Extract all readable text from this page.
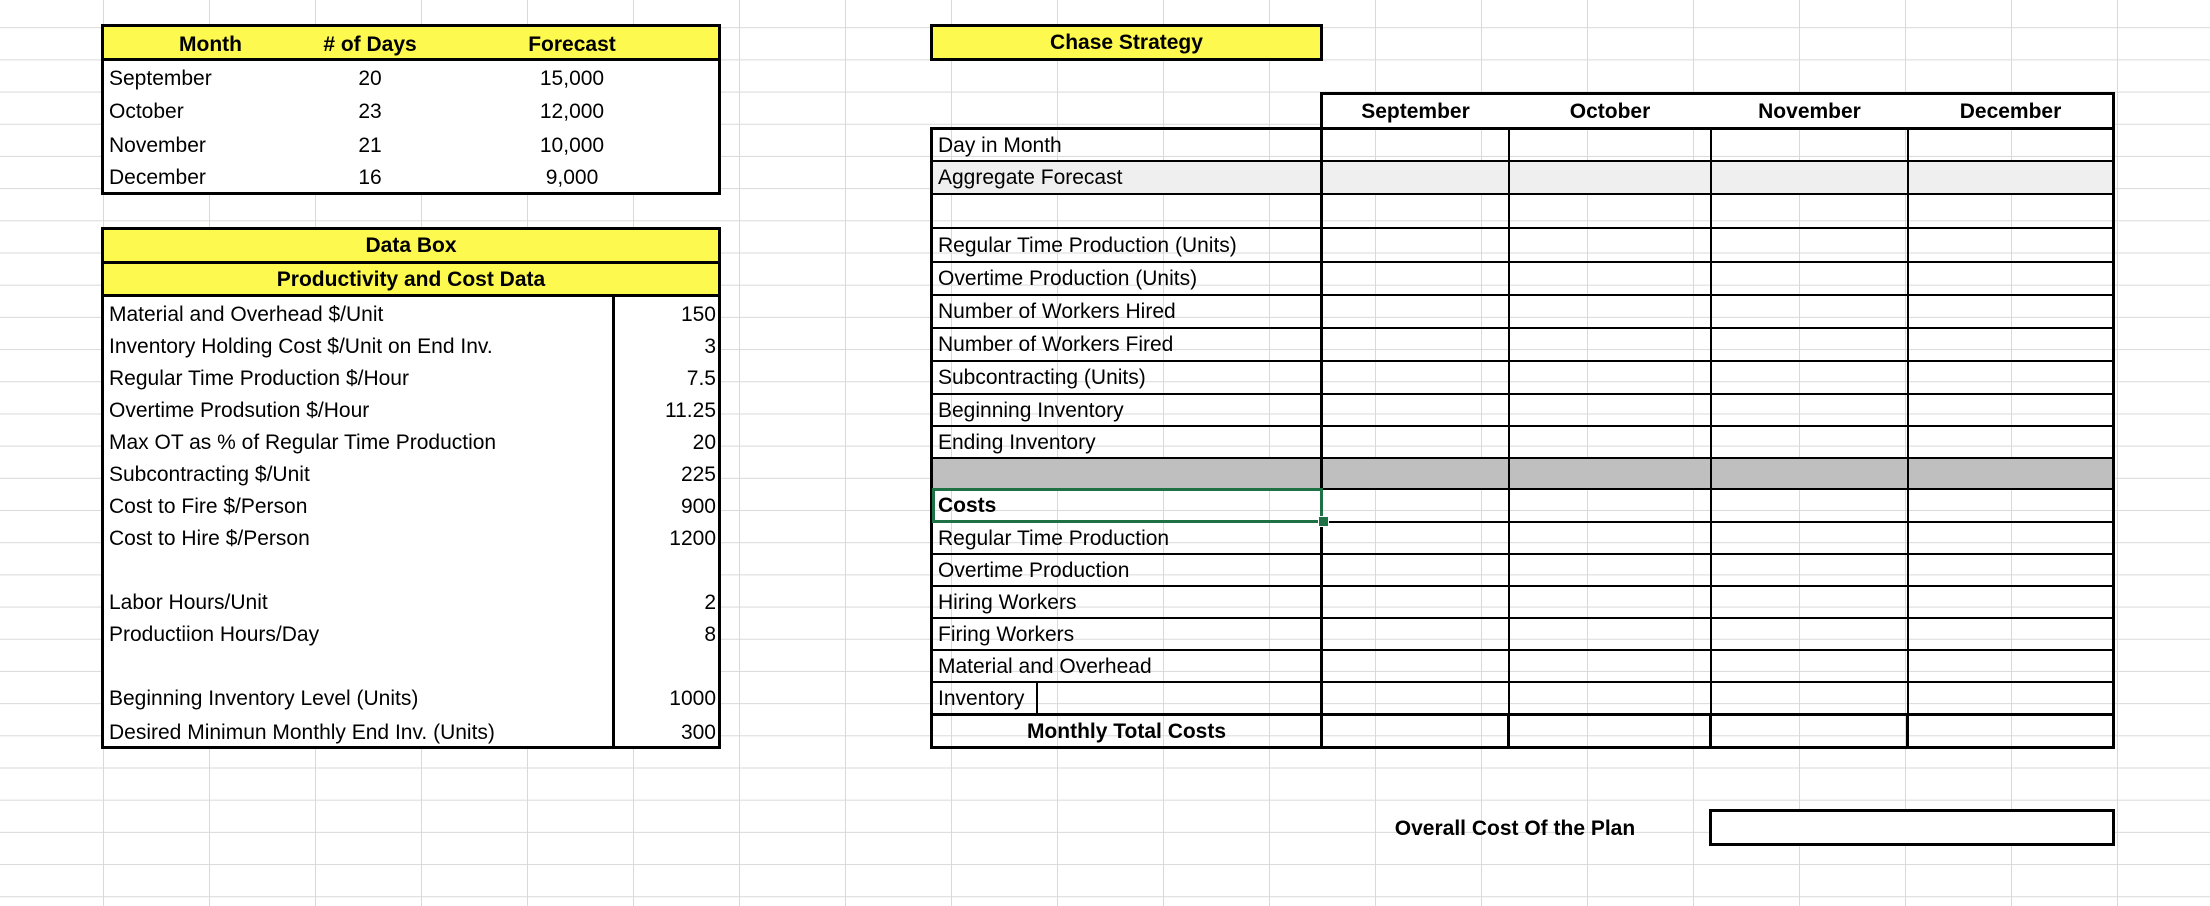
Month	# of Days	Forecast
September	20	15,000
October	23	12,000
November	21	10,000
December	16	9,000
Data Box
Productivity and Cost Data
Material and Overhead $/Unit	150
Inventory Holding Cost $/Unit on End Inv.	3
Regular Time Production $/Hour	7.5
Overtime Prodsution $/Hour	11.25
Max OT as % of Regular Time Production	20
Subcontracting $/Unit	225
Cost to Fire $/Person	900
Cost to Hire $/Person	1200
Labor Hours/Unit	2
Productiion Hours/Day	8
Beginning Inventory Level (Units)	1000
Desired Minimun Monthly End Inv. (Units)	300
Chase Strategy
September	October	November	December
Day in Month
Aggregate Forecast
Regular Time Production (Units)
Overtime Production (Units)
Number of Workers Hired
Number of Workers Fired
Subcontracting (Units)
Beginning Inventory
Ending Inventory
Costs
Regular Time Production
Overtime Production
Hiring Workers
Firing Workers
Material and Overhead
Inventory
Monthly Total Costs
Overall Cost Of the Plan
